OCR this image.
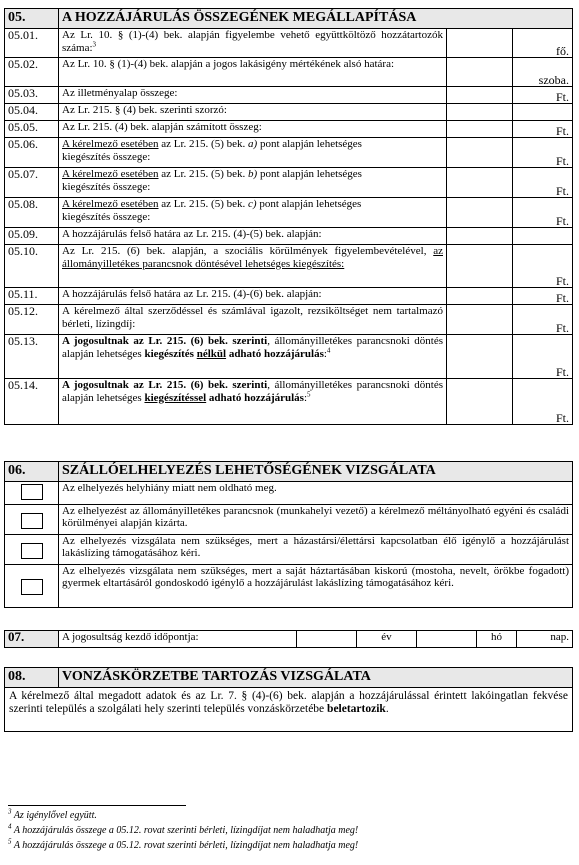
05.	A HOZZÁJÁRULÁS ÖSSZEGÉNEK MEGÁLLAPÍTÁSA		
05.01.	Az Lr. 10. § (1)-(4) bek. alapján figyelembe vehető együttköltöző hozzátartozók száma:$^3$		fő.
05.02.	Az Lr. 10. § (1)-(4) bek. alapján a jogos lakásigény mértékének alsó határa:		szoba.
05.03.	Az illetményalap összege:		Ft.
05.04.	Az Lr. 215. § (4) bek. szerinti szorzó:		
05.05.	Az Lr. 215. (4) bek. alapján számított összeg:		Ft.
05.06.	A kérelmező esetében az Lr. 215. (5) bek. a) pont alapján lehetséges
kiegészítés összege:		Ft.
05.07.	A kérelmező esetében az Lr. 215. (5) bek. b) pont alapján lehetséges
kiegészítés összege:		Ft.
05.08.	A kérelmező esetében az Lr. 215. (5) bek. c) pont alapján lehetséges
kiegészítés összege:		Ft.
05.09.	A hozzájárulás felső határa az Lr. 215. (4)-(5) bek. alapján:		
05.10.	Az Lr. 215. (6) bek. alapján, a szociális körülmények figyelembevételével, az állományilletékes parancsnok döntésével lehetséges kiegészítés:		Ft.
05.11.	A hozzájárulás felső határa az Lr. 215. (4)-(6) bek. alapján:		Ft.
05.12.	A kérelmező által szerződéssel és számlával igazolt, rezsiköltséget nem tartalmazó bérleti, lízingdíj:		Ft.
05.13.	A jogosultnak az Lr. 215. (6) bek. szerinti, állományilletékes parancsnoki döntés alapján lehetséges kiegészítés nélkül adható hozzájárulás:$^4$		Ft.
05.14.	A jogosultnak az Lr. 215. (6) bek. szerinti, állományilletékes parancsnoki döntés alapján lehetséges kiegészítéssel adható hozzájárulás:$^5$		Ft.
06.	SZÁLLÓELHELYEZÉS LEHETŐSÉGÉNEK VIZSGÁLATA
	Az elhelyezés helyhiány miatt nem oldható meg.
	Az elhelyezést az állományilletékes parancsnok (munkahelyi vezető) a kérelmező méltányolható egyéni és családi körülményei alapján kizárta.
	Az elhelyezés vizsgálata nem szükséges, mert a házastársi/élettársi kapcsolatban élő igénylő a hozzájárulást lakáslízing támogatásához kéri.
	Az elhelyezés vizsgálata nem szükséges, mert a saját háztartásában kiskorú (mostoha, nevelt, örökbe fogadott) gyermek eltartásáról gondoskodó igénylő a hozzájárulást lakáslízing támogatásához kéri.
07.	A jogosultság kezdő időpontja:		év		hó	nap.
08.	VONZÁSKÖRZETBE TARTOZÁS VIZSGÁLATA
A kérelmező által megadott adatok és az Lr. 7. § (4)-(6) bek. alapján a hozzájárulással érintett lakóingatlan fekvése szerinti település a szolgálati hely szerinti település vonzáskörzetébe beletartozik.
$^3$ Az igénylővel együtt.
$^4$ A hozzájárulás összege a 05.12. rovat szerinti bérleti, lízingdíjat nem haladhatja meg!
$^5$ A hozzájárulás összege a 05.12. rovat szerinti bérleti, lízingdíjat nem haladhatja meg!
